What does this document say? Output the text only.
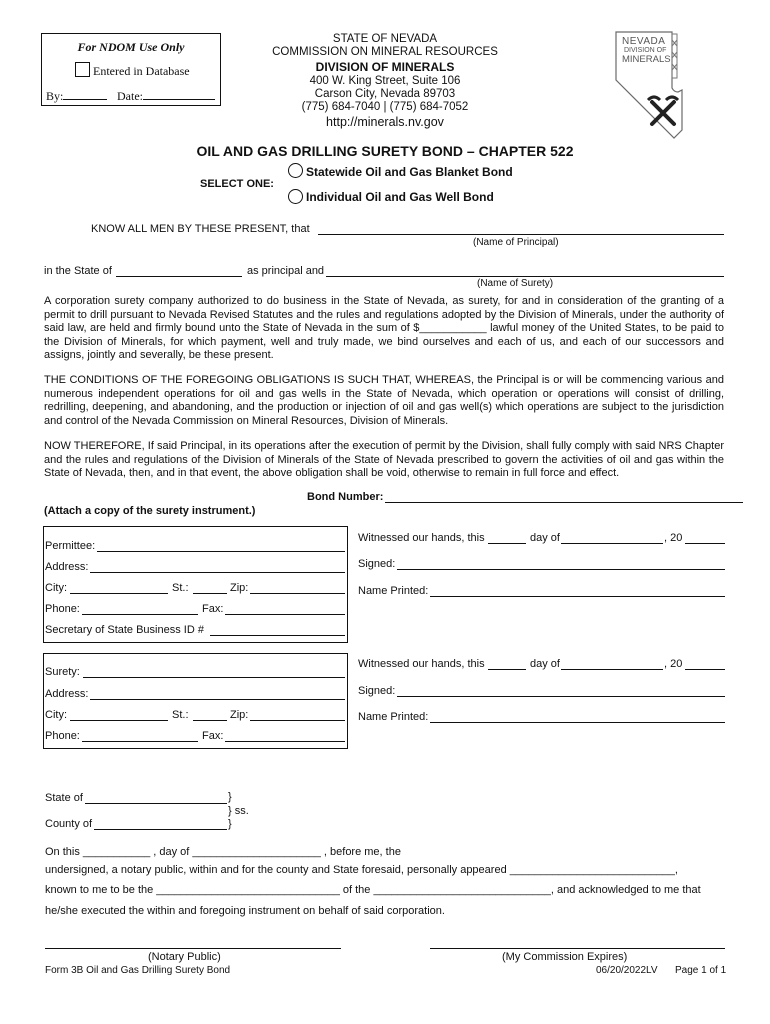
For NDOM Use Only
Entered in Database
By:	Date:
STATE OF NEVADA
COMMISSION ON MINERAL RESOURCES
DIVISION OF MINERALS
400 W. King Street, Suite 106
Carson City, Nevada 89703
(775) 684-7040 | (775) 684-7052
http://minerals.nv.gov
NEVADA
DIVISION OF
MINERALS
OIL AND GAS DRILLING SURETY BOND – CHAPTER 522
SELECT ONE:
Statewide Oil and Gas Blanket Bond
Individual Oil and Gas Well Bond
KNOW ALL MEN BY THESE PRESENT, that
(Name of Principal)
in the State of	as principal and
(Name of Surety)
A corporation surety company authorized to do business in the State of Nevada, as surety, for and in consideration of the granting of a permit to drill pursuant to Nevada Revised Statutes and the rules and regulations adopted by the Division of Minerals, under the authority of said law, are held and firmly bound unto the State of Nevada in the sum of $___________ lawful money of the United States, to be paid to the Division of Minerals, for which payment, well and truly made, we bind ourselves and each of us, and each of our successors and assigns, jointly and severally, be these present.
THE CONDITIONS OF THE FOREGOING OBLIGATIONS IS SUCH THAT, WHEREAS, the Principal is or will be commencing various and numerous independent operations for oil and gas wells in the State of Nevada, which operation or operations will consist of drilling, redrilling, deepening, and abandoning, and the production or injection of oil and gas well(s) which operations are subject to the jurisdiction and control of the Nevada Commission on Mineral Resources, Division of Minerals.
NOW THEREFORE, If said Principal, in its operations after the execution of permit by the Division, shall fully comply with said NRS Chapter and the rules and regulations of the Division of Minerals of the State of Nevada prescribed to govern the activities of oil and gas within the State of Nevada, then, and in that event, the above obligation shall be void, otherwise to remain in full force and effect.
Bond Number:
(Attach a copy of the surety instrument.)
Permittee:
Address:
City:	St.:	Zip:
Phone:	Fax:
Secretary of State Business ID #
Witnessed our hands, this	day of	, 20
Signed:
Name Printed:
Surety:
Address:
City:	St.:	Zip:
Phone:	Fax:
Witnessed our hands, this	day of	, 20
Signed:
Name Printed:
State of	}
} ss.
County of	}
On this ___________ , day of _____________________ , before me, the
undersigned, a notary public, within and for the county and State foresaid, personally appeared ___________________________,
known to me to be the ______________________________ of the _____________________________, and acknowledged to me that
he/she executed the within and foregoing instrument on behalf of said corporation.
(Notary Public)	(My Commission Expires)
Form 3B Oil and Gas Drilling Surety Bond	06/20/2022LV Page 1 of 1
